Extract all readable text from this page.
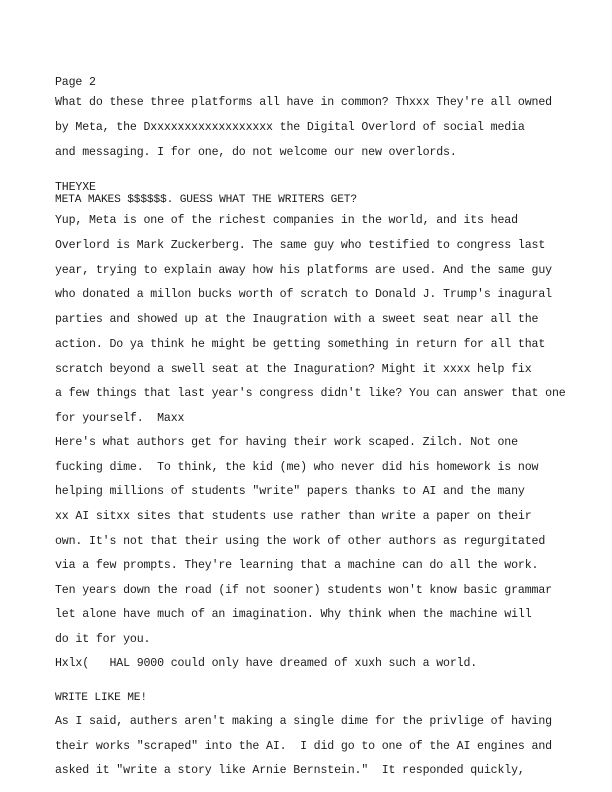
Page 2
What do these three platforms all have in common? Thxxx They're all owned
by Meta, the Dxxxxxxxxxxxxxxxxxx the Digital Overlord of social media
and messaging. I for one, do not welcome our new overlords.
THEYXE
META MAKES $$$$$$. GUESS WHAT THE WRITERS GET?
Yup, Meta is one of the richest companies in the world, and its head
Overlord is Mark Zuckerberg. The same guy who testified to congress last
year, trying to explain away how his platforms are used. And the same guy
who donated a millon bucks worth of scratch to Donald J. Trump's inagural
parties and showed up at the Inaugration with a sweet seat near all the
action. Do ya think he might be getting something in return for all that
scratch beyond a swell seat at the Inaguration? Might it xxxx help fix
a few things that last year's congress didn't like? You can answer that one
for yourself.  Maxx
Here's what authors get for having their work scaped. Zilch. Not one
fucking dime.  To think, the kid (me) who never did his homework is now
helping millions of students "write" papers thanks to AI and the many
xx AI sitxx sites that students use rather than write a paper on their
own. It's not that their using the work of other authors as regurgitated
via a few prompts. They're learning that a machine can do all the work.
Ten years down the road (if not sooner) students won't know basic grammar
let alone have much of an imagination. Why think when the machine will
do it for you.
Hxlx(   HAL 9000 could only have dreamed of xuxh such a world.
WRITE LIKE ME!
As I said, authers aren't making a single dime for the privlige of having
their works "scraped" into the AI.  I did go to one of the AI engines and
asked it "write a story like Arnie Bernstein."  It responded quickly,
